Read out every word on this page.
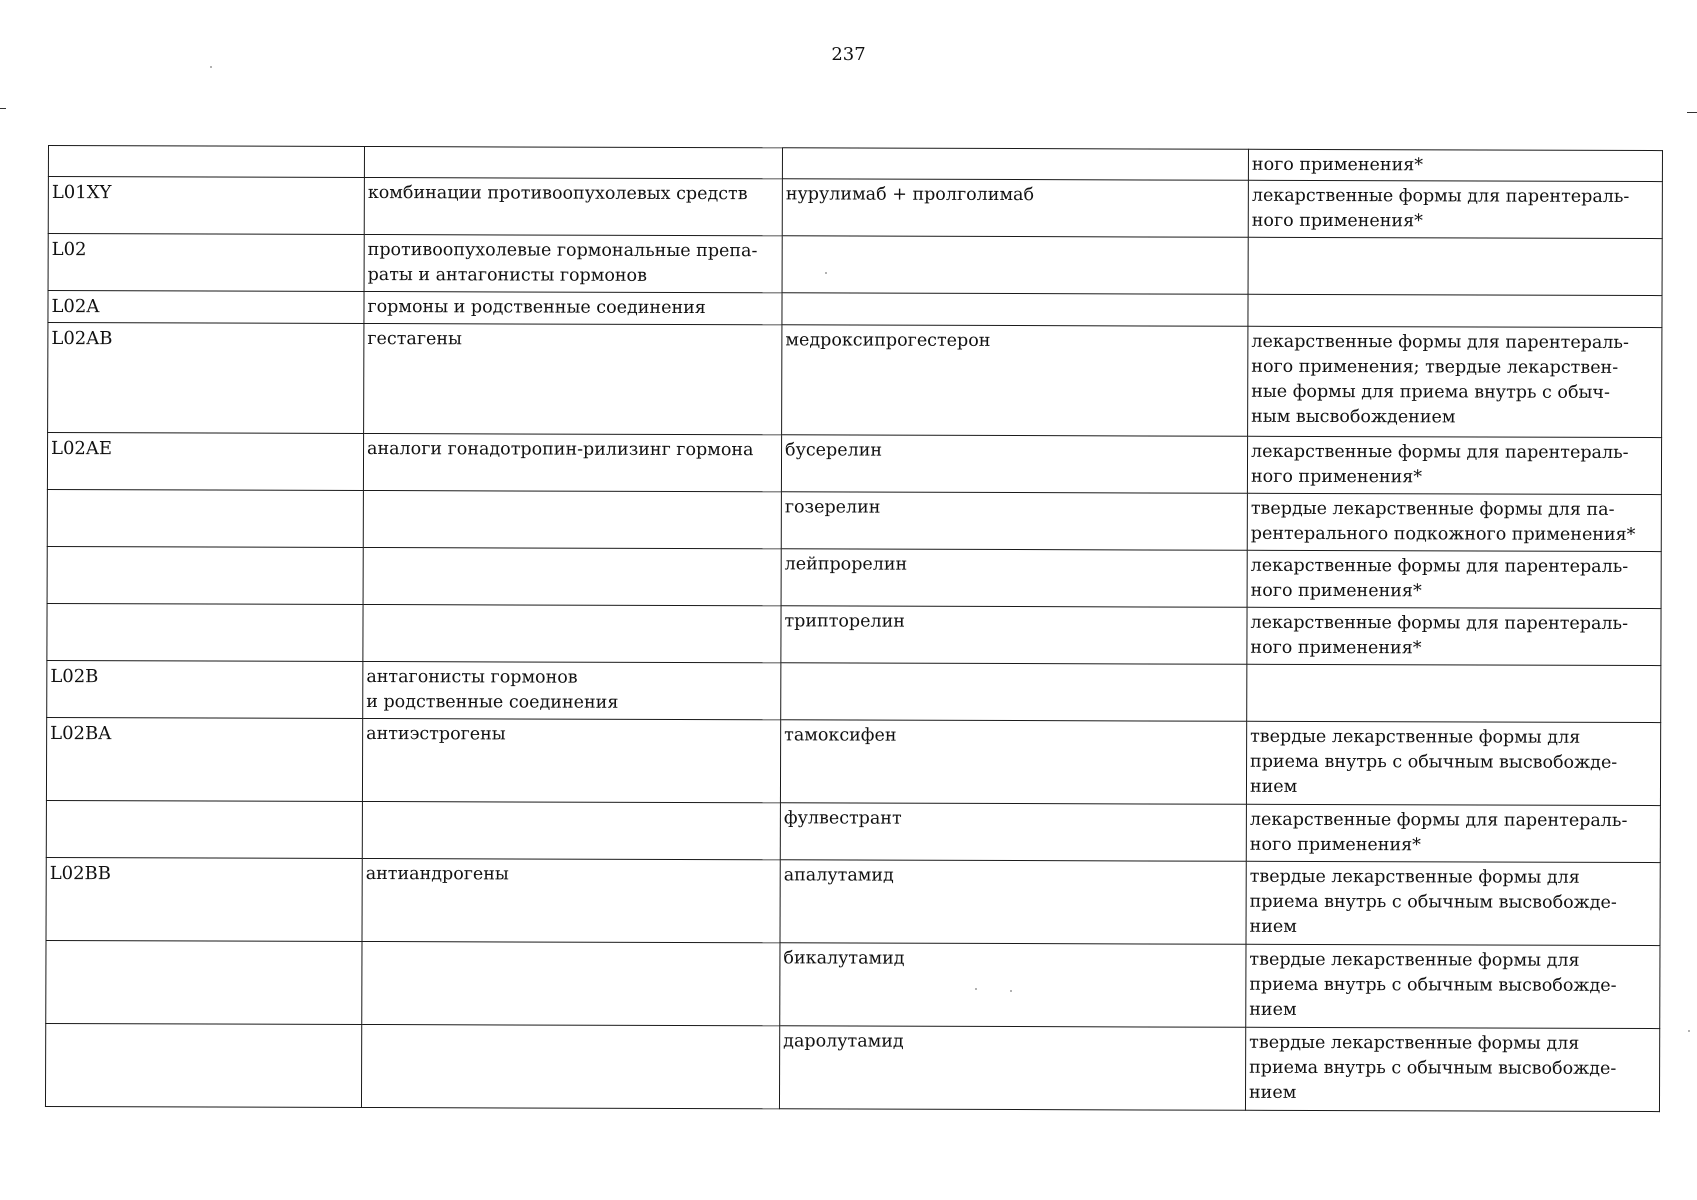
237
			ного применения*
L01XY	комбинации противоопухолевых средств	нурулимаб + пролголимаб	лекарственные формы для парентераль-
ного применения*
L02	противоопухолевые гормональные препа-
раты и антагонисты гормонов		
L02A	гормоны и родственные соединения		
L02AB	гестагены	медроксипрогестерон	лекарственные формы для парентераль-
ного применения; твердые лекарствен-
ные формы для приема внутрь с обыч-
ным высвобождением
L02AE	аналоги гонадотропин-рилизинг гормона	бусерелин	лекарственные формы для парентераль-
ного применения*
		гозерелин	твердые лекарственные формы для па-
рентерального подкожного применения*
		лейпрорелин	лекарственные формы для парентераль-
ного применения*
		трипторелин	лекарственные формы для парентераль-
ного применения*
L02B	антагонисты гормонов
и родственные соединения		
L02BA	антиэстрогены	тамоксифен	твердые лекарственные формы для
приема внутрь с обычным высвобожде-
нием
		фулвестрант	лекарственные формы для парентераль-
ного применения*
L02BB	антиандрогены	апалутамид	твердые лекарственные формы для
приема внутрь с обычным высвобожде-
нием
		бикалутамид	твердые лекарственные формы для
приема внутрь с обычным высвобожде-
нием
		даролутамид	твердые лекарственные формы для
приема внутрь с обычным высвобожде-
нием
